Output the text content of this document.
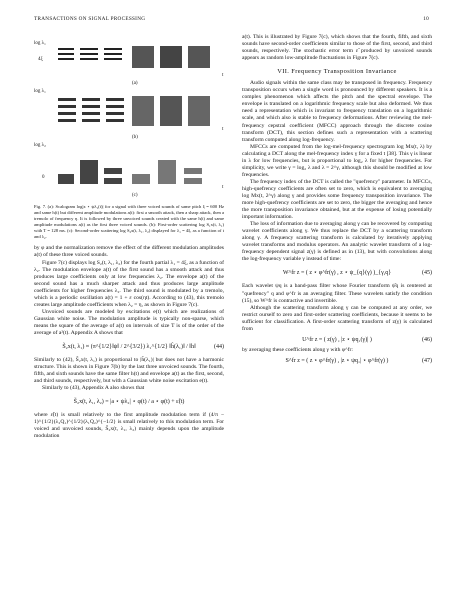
TRANSACTIONS ON SIGNAL PROCESSING	10
log λ₁
4ξ
t
(a)
log λ₁
t
(b)
log λ₂
0
t
(c)
Fig. 7. (a): Scalogram log|x ⋆ ψλ₁(t)| for a signal with three voiced sounds of same pitch ξ = 600 Hz and same h(t) but different amplitude modulations a(t): first a smooth attack, then a sharp attack, then a tremolo of frequency η. It is followed by three unvoiced sounds created with the same h(t) and same amplitude modulations a(t) as the first three voiced sounds. (b): First-order scattering log S₁x(t, λ₁) with T = 128 ms. (c): Second-order scattering log S₂x(t, λ₁, λ₂) displayed for λ₁ = 4ξ, as a function of t and λ₂.

by φ and the normalization remove the effect of the different modulation amplitudes a(t) of these three voiced sounds.

Figure 7(c) displays log S₂(t, λ₁, λ₂) for the fourth partial λ₁ = 4ξ, as a function of λ₂. The modulation envelope a(t) of the first sound has a smooth attack and thus produces large coefficients only at low frequencies λ₂. The envelope a(t) of the second sound has a much sharper attack and thus produces large amplitude coefficients for higher frequencies λ₂. The third sound is modulated by a tremolo, which is a periodic oscillation a(t) = 1 + ε cos(ηt). According to (43), this tremolo creates large amplitude coefficients when λ₂ = η, as shown in Figure 7(c).

Unvoiced sounds are modeled by excitations e(t) which are realizations of Gaussian white noise. The modulation amplitude is typically non-sparse, which means the square of the average of a(t) on intervals of size T is of the order of the average of a²(t). Appendix A shows that

S̃₂x(t, λ₁) ≈ (π^{1/2}‖ψ‖ / 2^{3/2}) λ₁^{1/2} ‖ĥ(λ₁)‖ / ‖h‖	(44)

Similarly to (42), S̃₂x(t, λ₁) is proportional to |ĥ(λ₁)| but does not have a harmonic structure. This is shown in Figure 7(b) by the last three unvoiced sounds. The fourth, fifth, and sixth sounds have the same filter h(t) and envelope a(t) as the first, second, and third sounds, respectively, but with a Gaussian white noise excitation e(t).

Similarly to (43), Appendix A also shows that

S̃₂x(t, λ₁, λ₂) = |a ⋆ ψλ₂| ⋆ φ(t) / a ⋆ φ(t) + ε̃(t)

where ε̃(t) is small relatively to the first amplitude modulation term if (4/π − 1)^{1/2}(λ₂Q₁)^{1/2}(λ₁Q₂)^{−1/2} is small relatively to this modulation term. For voiced and unvoiced sounds, S̃₂x(t, λ₁, λ₂) mainly depends upon the amplitude modulation

a(t). This is illustrated by Figure 7(c), which shows that the fourth, fifth, and sixth sounds have second-order coefficients similar to those of the first, second, and third sounds, respectively. The stochastic error term ε̃ produced by unvoiced sounds appears as random low-amplitude fluctuations in Figure 7(c).

VII. Frequency Transposition Invariance

Audio signals within the same class may be transposed in frequency. Frequency transposition occurs when a single word is pronounced by different speakers. It is a complex phenomenon which affects the pitch and the spectral envelope. The envelope is translated on a logarithmic frequency scale but also deformed. We thus need a representation which is invariant to frequency translation on a logarithmic scale, and which also is stable to frequency deformations. After reviewing the mel-frequency cepstral coefficient (MFCC) approach through the discrete cosine transform (DCT), this section defines such a representation with a scattering transform computed along log-frequency.

MFCCs are computed from the log-mel-frequency spectrogram log Mx(t, λ) by calculating a DCT along the mel-frequency index γ for a fixed t [38]. This γ is linear in λ for low frequencies, but is proportional to log₂ λ for higher frequencies. For simplicity, we write γ = log₂ λ and λ = 2^γ, although this should be modified at low frequencies.

The frequency index of the DCT is called the "quefrency" parameter. In MFCCs, high-quefrency coefficients are often set to zero, which is equivalent to averaging log Mx(t, 2^γ) along γ and provides some frequency transposition invariance. The more high-quefrency coefficients are set to zero, the bigger the averaging and hence the more transposition invariance obtained, but at the expense of losing potentially important information.

The loss of information due to averaging along γ can be recovered by computing wavelet coefficients along γ. We thus replace the DCT by a scattering transform along γ. A frequency scattering transform is calculated by iteratively applying wavelet transforms and modulus operators. An analytic wavelet transform of a log-frequency dependent signal z(γ) is defined as in (13), but with convolutions along the log-frequency variable γ instead of time:

W^fr z = ( z ⋆ φ^fr(γ) , z ⋆ ψ_{q}(γ) )_{γ,q}	(45)

Each wavelet ψq is a band-pass filter whose Fourier transform ψ̂q is centered at "quefrency" q and φ^fr is an averaging filter. These wavelets satisfy the condition (15), so W^fr is contractive and invertible.

Although the scattering transform along γ can be computed at any order, we restrict ourself to zero and first-order scattering coefficients, because it seems to be sufficient for classification. A first-order scattering transform of z(γ) is calculated from

U^fr z = ( z(γ) , |z ⋆ ψq₁(γ)| )	(46)

by averaging these coefficients along γ with φ^fr:

S^fr z = ( z ⋆ φ^fr(γ) , |z ⋆ ψq₁| ⋆ φ^fr(γ) )	(47)
